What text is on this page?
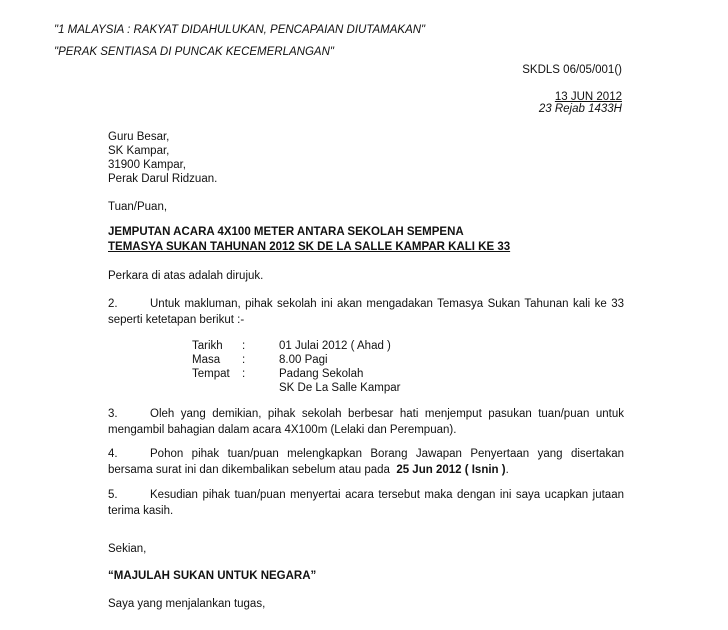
"1 MALAYSIA : RAKYAT DIDAHULUKAN, PENCAPAIAN DIUTAMAKAN"
"PERAK SENTIASA DI PUNCAK KECEMERLANGAN"
SKDLS 06/05/001()
13 JUN 2012
23 Rejab 1433H
Guru Besar,
SK Kampar,
31900 Kampar,
Perak Darul Ridzuan.
Tuan/Puan,
JEMPUTAN ACARA 4X100 METER ANTARA SEKOLAH SEMPENA
TEMASYA SUKAN TAHUNAN 2012 SK DE LA SALLE KAMPAR KALI KE 33
Perkara di atas adalah dirujuk.
2.	Untuk makluman, pihak sekolah ini akan mengadakan Temasya Sukan Tahunan kali ke 33 seperti ketetapan berikut :-
Tarikh	:	01 Julai 2012 ( Ahad )
Masa	:	8.00 Pagi
Tempat	:	Padang Sekolah
SK De La Salle Kampar
3.	Oleh yang demikian, pihak sekolah berbesar hati menjemput pasukan tuan/puan untuk mengambil bahagian dalam acara 4X100m (Lelaki dan Perempuan).
4.	Pohon pihak tuan/puan melengkapkan Borang Jawapan Penyertaan yang disertakan bersama surat ini dan dikembalikan sebelum atau pada 25 Jun 2012 ( Isnin ).
5.	Kesudian pihak tuan/puan menyertai acara tersebut maka dengan ini saya ucapkan jutaan terima kasih.
Sekian,
“MAJULAH SUKAN UNTUK NEGARA”
Saya yang menjalankan tugas,
